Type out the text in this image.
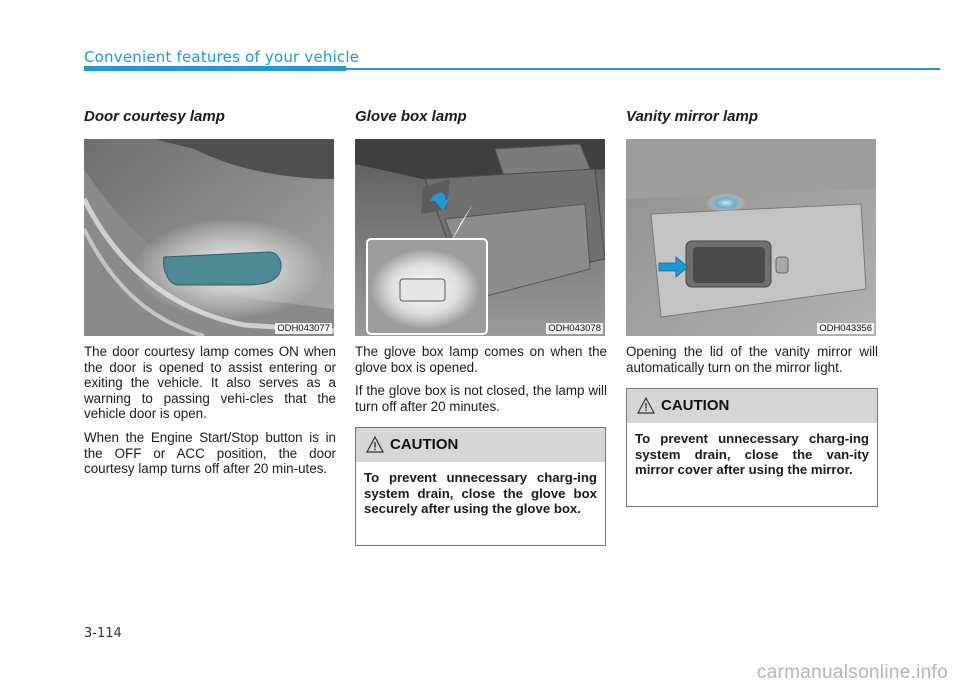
Convenient features of your vehicle
Door courtesy lamp
ODH043077

The door courtesy lamp comes ON when the door is opened to assist entering or exiting the vehicle. It also serves as a warning to passing vehi-cles that the vehicle door is open.

When the Engine Start/Stop button is in the OFF or ACC position, the door courtesy lamp turns off after 20 min-utes.

Glove box lamp
ODH043078

The glove box lamp comes on when the glove box is opened.

If the glove box is not closed, the lamp will turn off after 20 minutes.

Vanity mirror lamp
ODH043356

Opening the lid of the vanity mirror will automatically turn on the mirror light.

CAUTION
To prevent unnecessary charg-ing system drain, close the glove box securely after using the glove box.
CAUTION
To prevent unnecessary charg-ing system drain, close the van-ity mirror cover after using the mirror.
3-114
carmanualsonline.info
